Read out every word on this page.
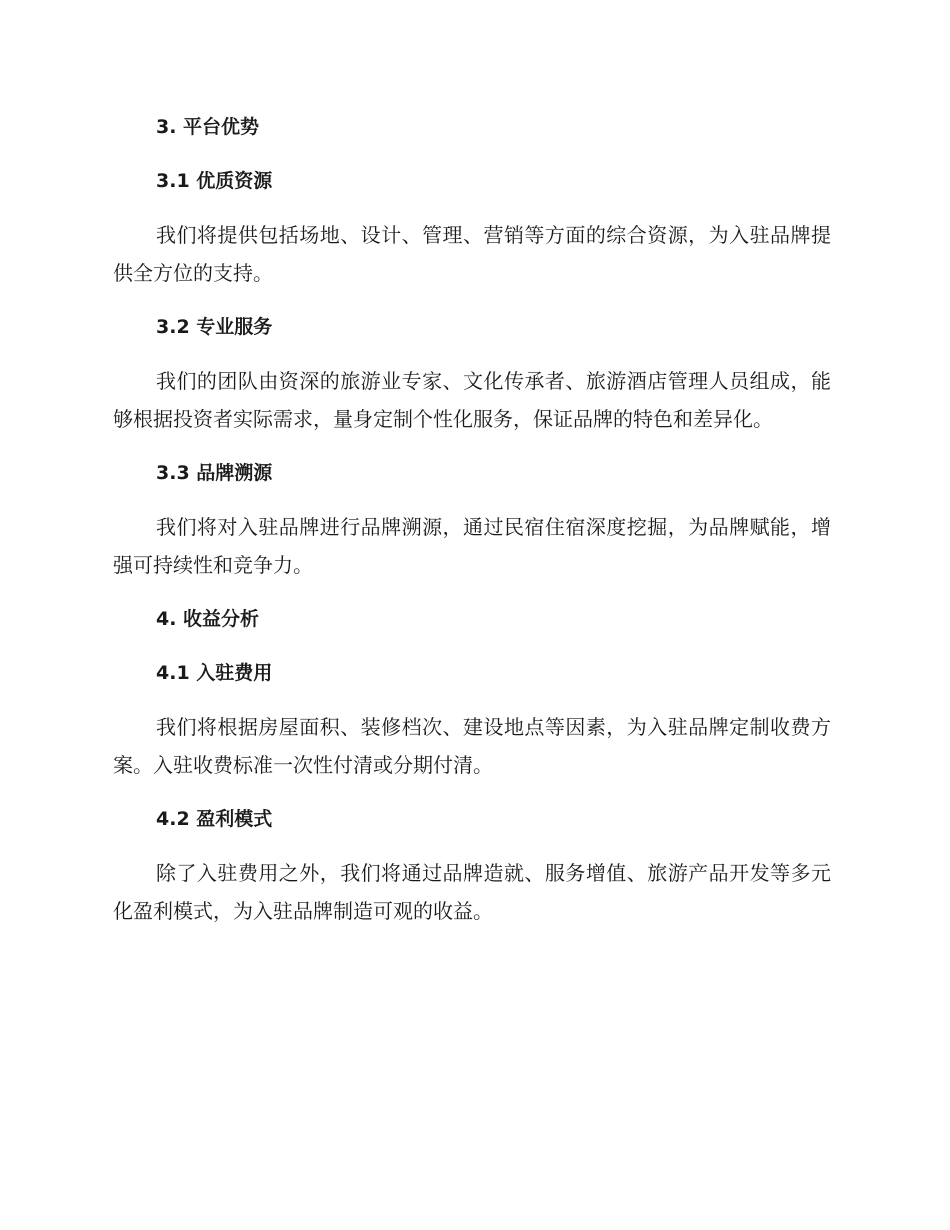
3. 平台优势
3.1 优质资源

我们将提供包括场地、设计、管理、营销等方面的综合资源，为入驻品牌提供全方位的支持。

3.2 专业服务

我们的团队由资深的旅游业专家、文化传承者、旅游酒店管理人员组成，能够根据投资者实际需求，量身定制个性化服务，保证品牌的特色和差异化。

3.3 品牌溯源

我们将对入驻品牌进行品牌溯源，通过民宿住宿深度挖掘，为品牌赋能，增强可持续性和竞争力。

4. 收益分析
4.1 入驻费用

我们将根据房屋面积、装修档次、建设地点等因素，为入驻品牌定制收费方案。入驻收费标准一次性付清或分期付清。

4.2 盈利模式

除了入驻费用之外，我们将通过品牌造就、服务增值、旅游产品开发等多元化盈利模式，为入驻品牌制造可观的收益。
